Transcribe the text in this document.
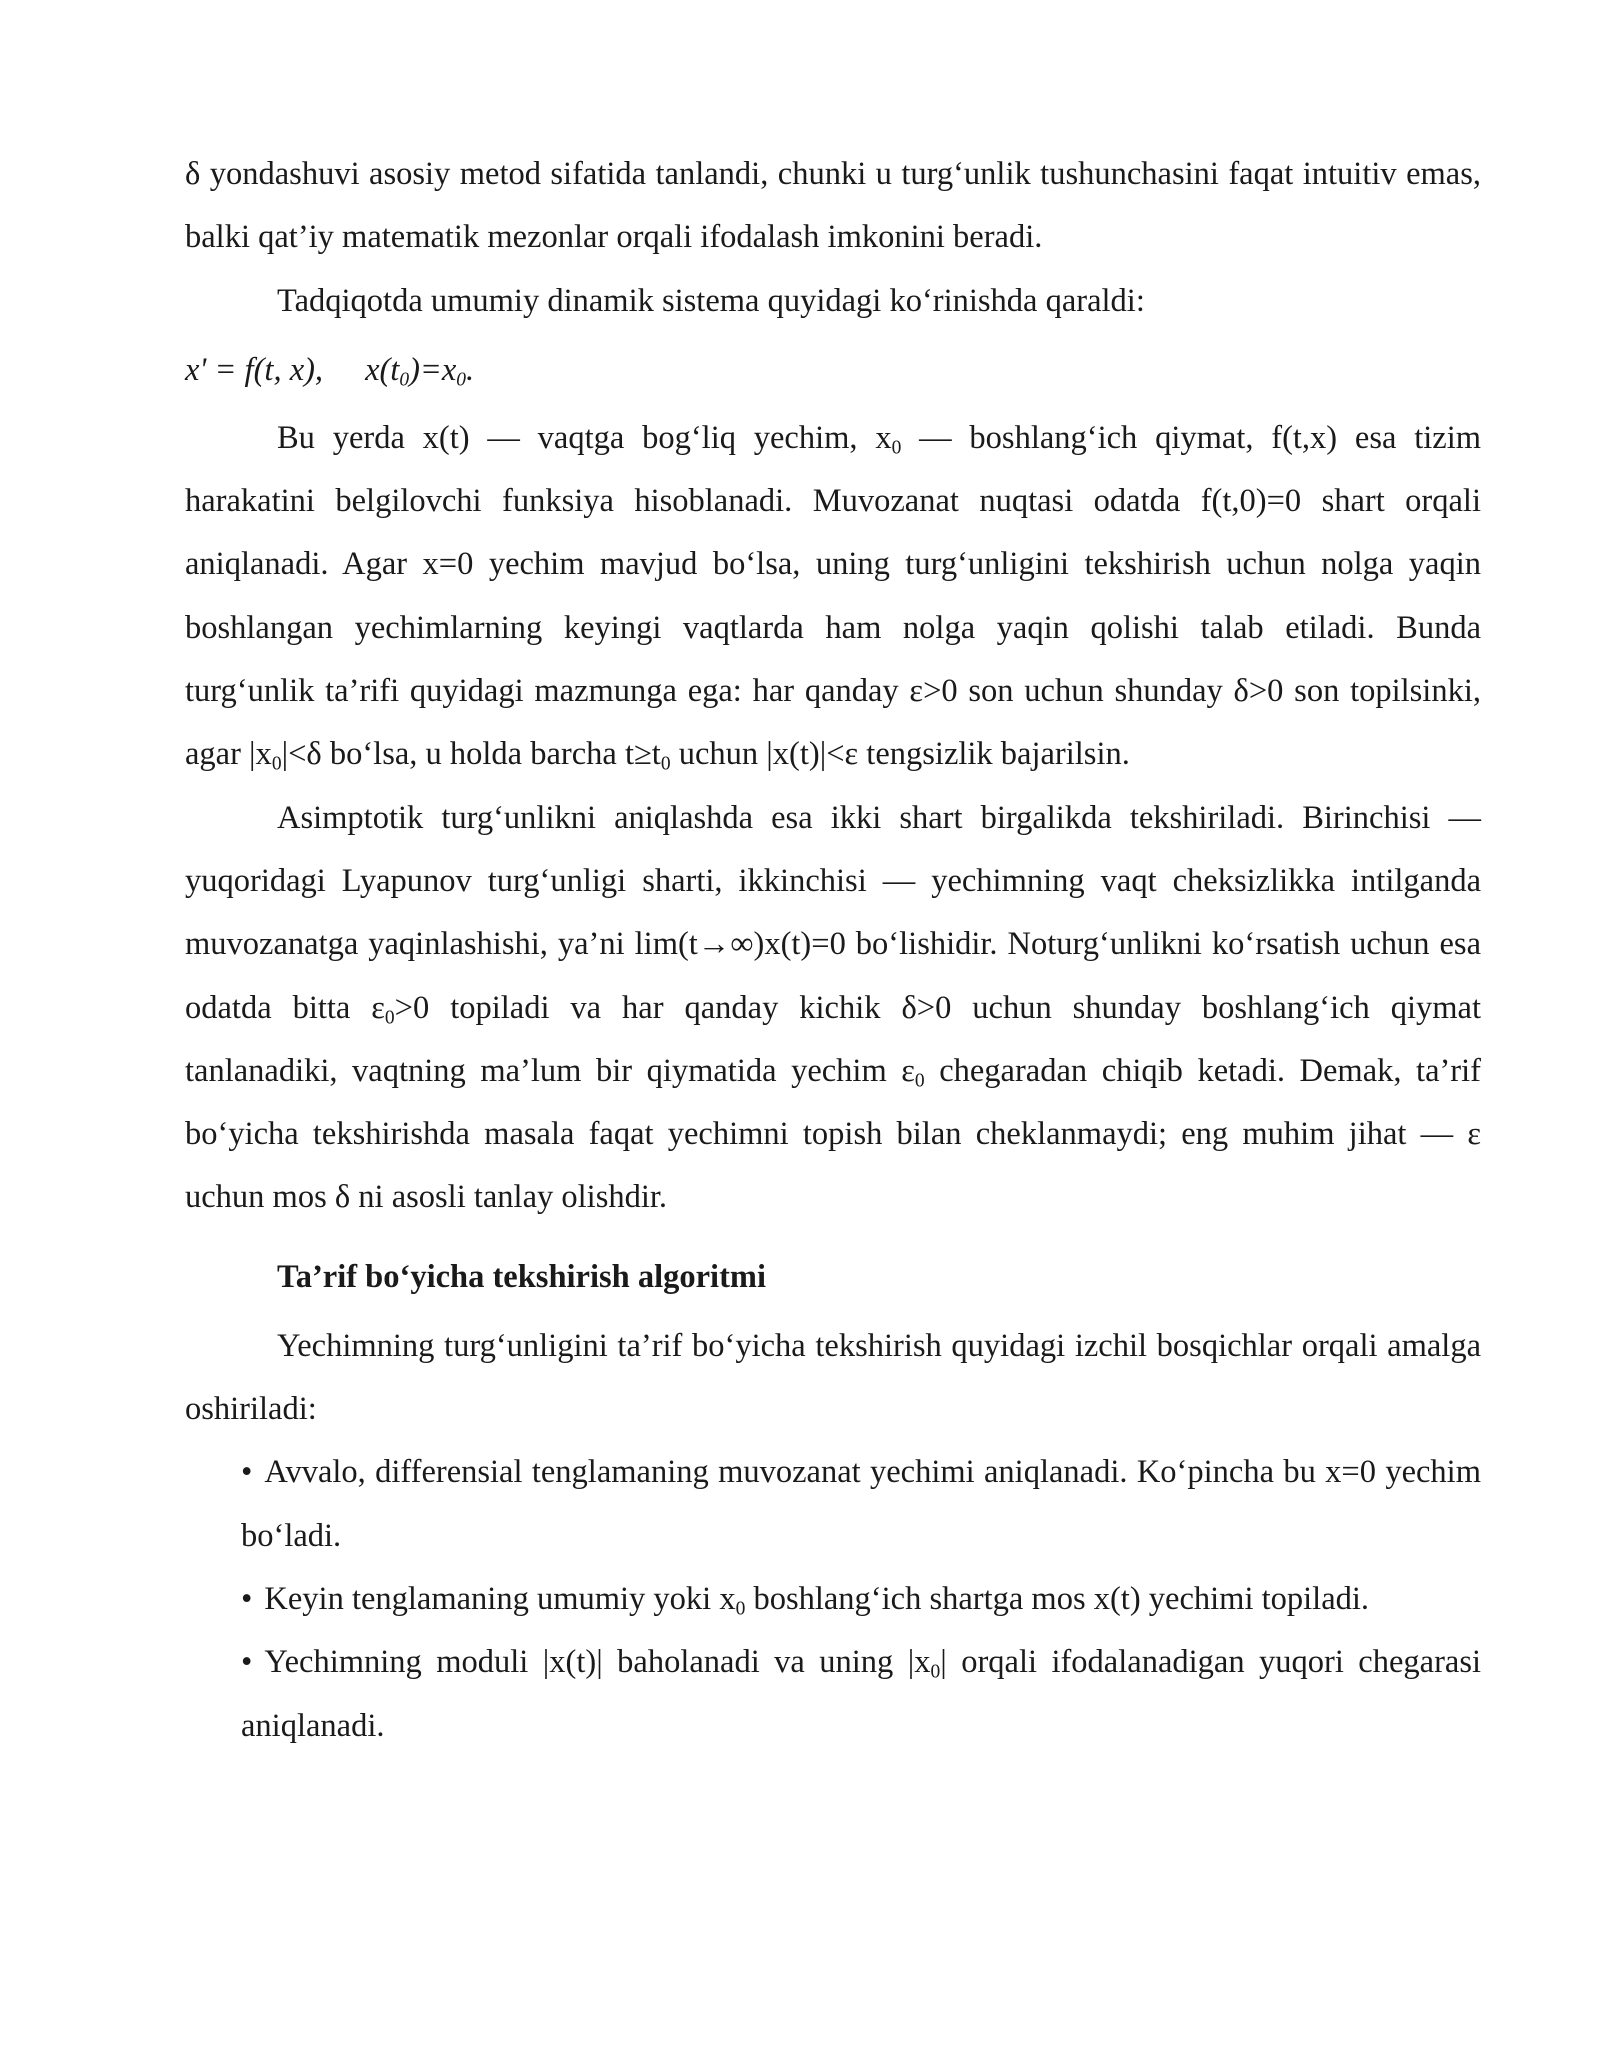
δ yondashuvi asosiy metod sifatida tanlandi, chunki u turg‘unlik tushunchasini faqat intuitiv emas, balki qat’iy matematik mezonlar orqali ifodalash imkonini beradi.

Tadqiqotda umumiy dinamik sistema quyidagi ko‘rinishda qaraldi:

x' = f(t, x), $x(t_0)=x_0$.

Bu yerda x(t) — vaqtga bog‘liq yechim, $x_0$ — boshlang‘ich qiymat, f(t,x) esa tizim harakatini belgilovchi funksiya hisoblanadi. Muvozanat nuqtasi odatda f(t,0)=0 shart orqali aniqlanadi. Agar x=0 yechim mavjud bo‘lsa, uning turg‘unligini tekshirish uchun nolga yaqin boshlangan yechimlarning keyingi vaqtlarda ham nolga yaqin qolishi talab etiladi. Bunda turg‘unlik ta’rifi quyidagi mazmunga ega: har qanday ε>0 son uchun shunday δ>0 son topilsinki, agar $|x_0|<\delta$ bo‘lsa, u holda barcha $t\ge t_0$ uchun |x(t)|<ε tengsizlik bajarilsin.

Asimptotik turg‘unlikni aniqlashda esa ikki shart birgalikda tekshiriladi. Birinchisi — yuqoridagi Lyapunov turg‘unligi sharti, ikkinchisi — yechimning vaqt cheksizlikka intilganda muvozanatga yaqinlashishi, ya’ni lim(t→∞)x(t)=0 bo‘lishidir. Noturg‘unlikni ko‘rsatish uchun esa odatda bitta $\varepsilon_0>0$ topiladi va har qanday kichik δ>0 uchun shunday boshlang‘ich qiymat tanlanadiki, vaqtning ma’lum bir qiymatida yechim $\varepsilon_0$ chegaradan chiqib ketadi. Demak, ta’rif bo‘yicha tekshirishda masala faqat yechimni topish bilan cheklanmaydi; eng muhim jihat — ε uchun mos δ ni asosli tanlay olishdir.

Ta’rif bo‘yicha tekshirish algoritmi

Yechimning turg‘unligini ta’rif bo‘yicha tekshirish quyidagi izchil bosqichlar orqali amalga oshiriladi:

• Avvalo, differensial tenglamaning muvozanat yechimi aniqlanadi. Ko‘pincha bu x=0 yechim bo‘ladi.

• Keyin tenglamaning umumiy yoki $x_0$ boshlang‘ich shartga mos x(t) yechimi topiladi.

• Yechimning moduli |x(t)| baholanadi va uning $|x_0|$ orqali ifodalanadigan yuqori chegarasi aniqlanadi.
